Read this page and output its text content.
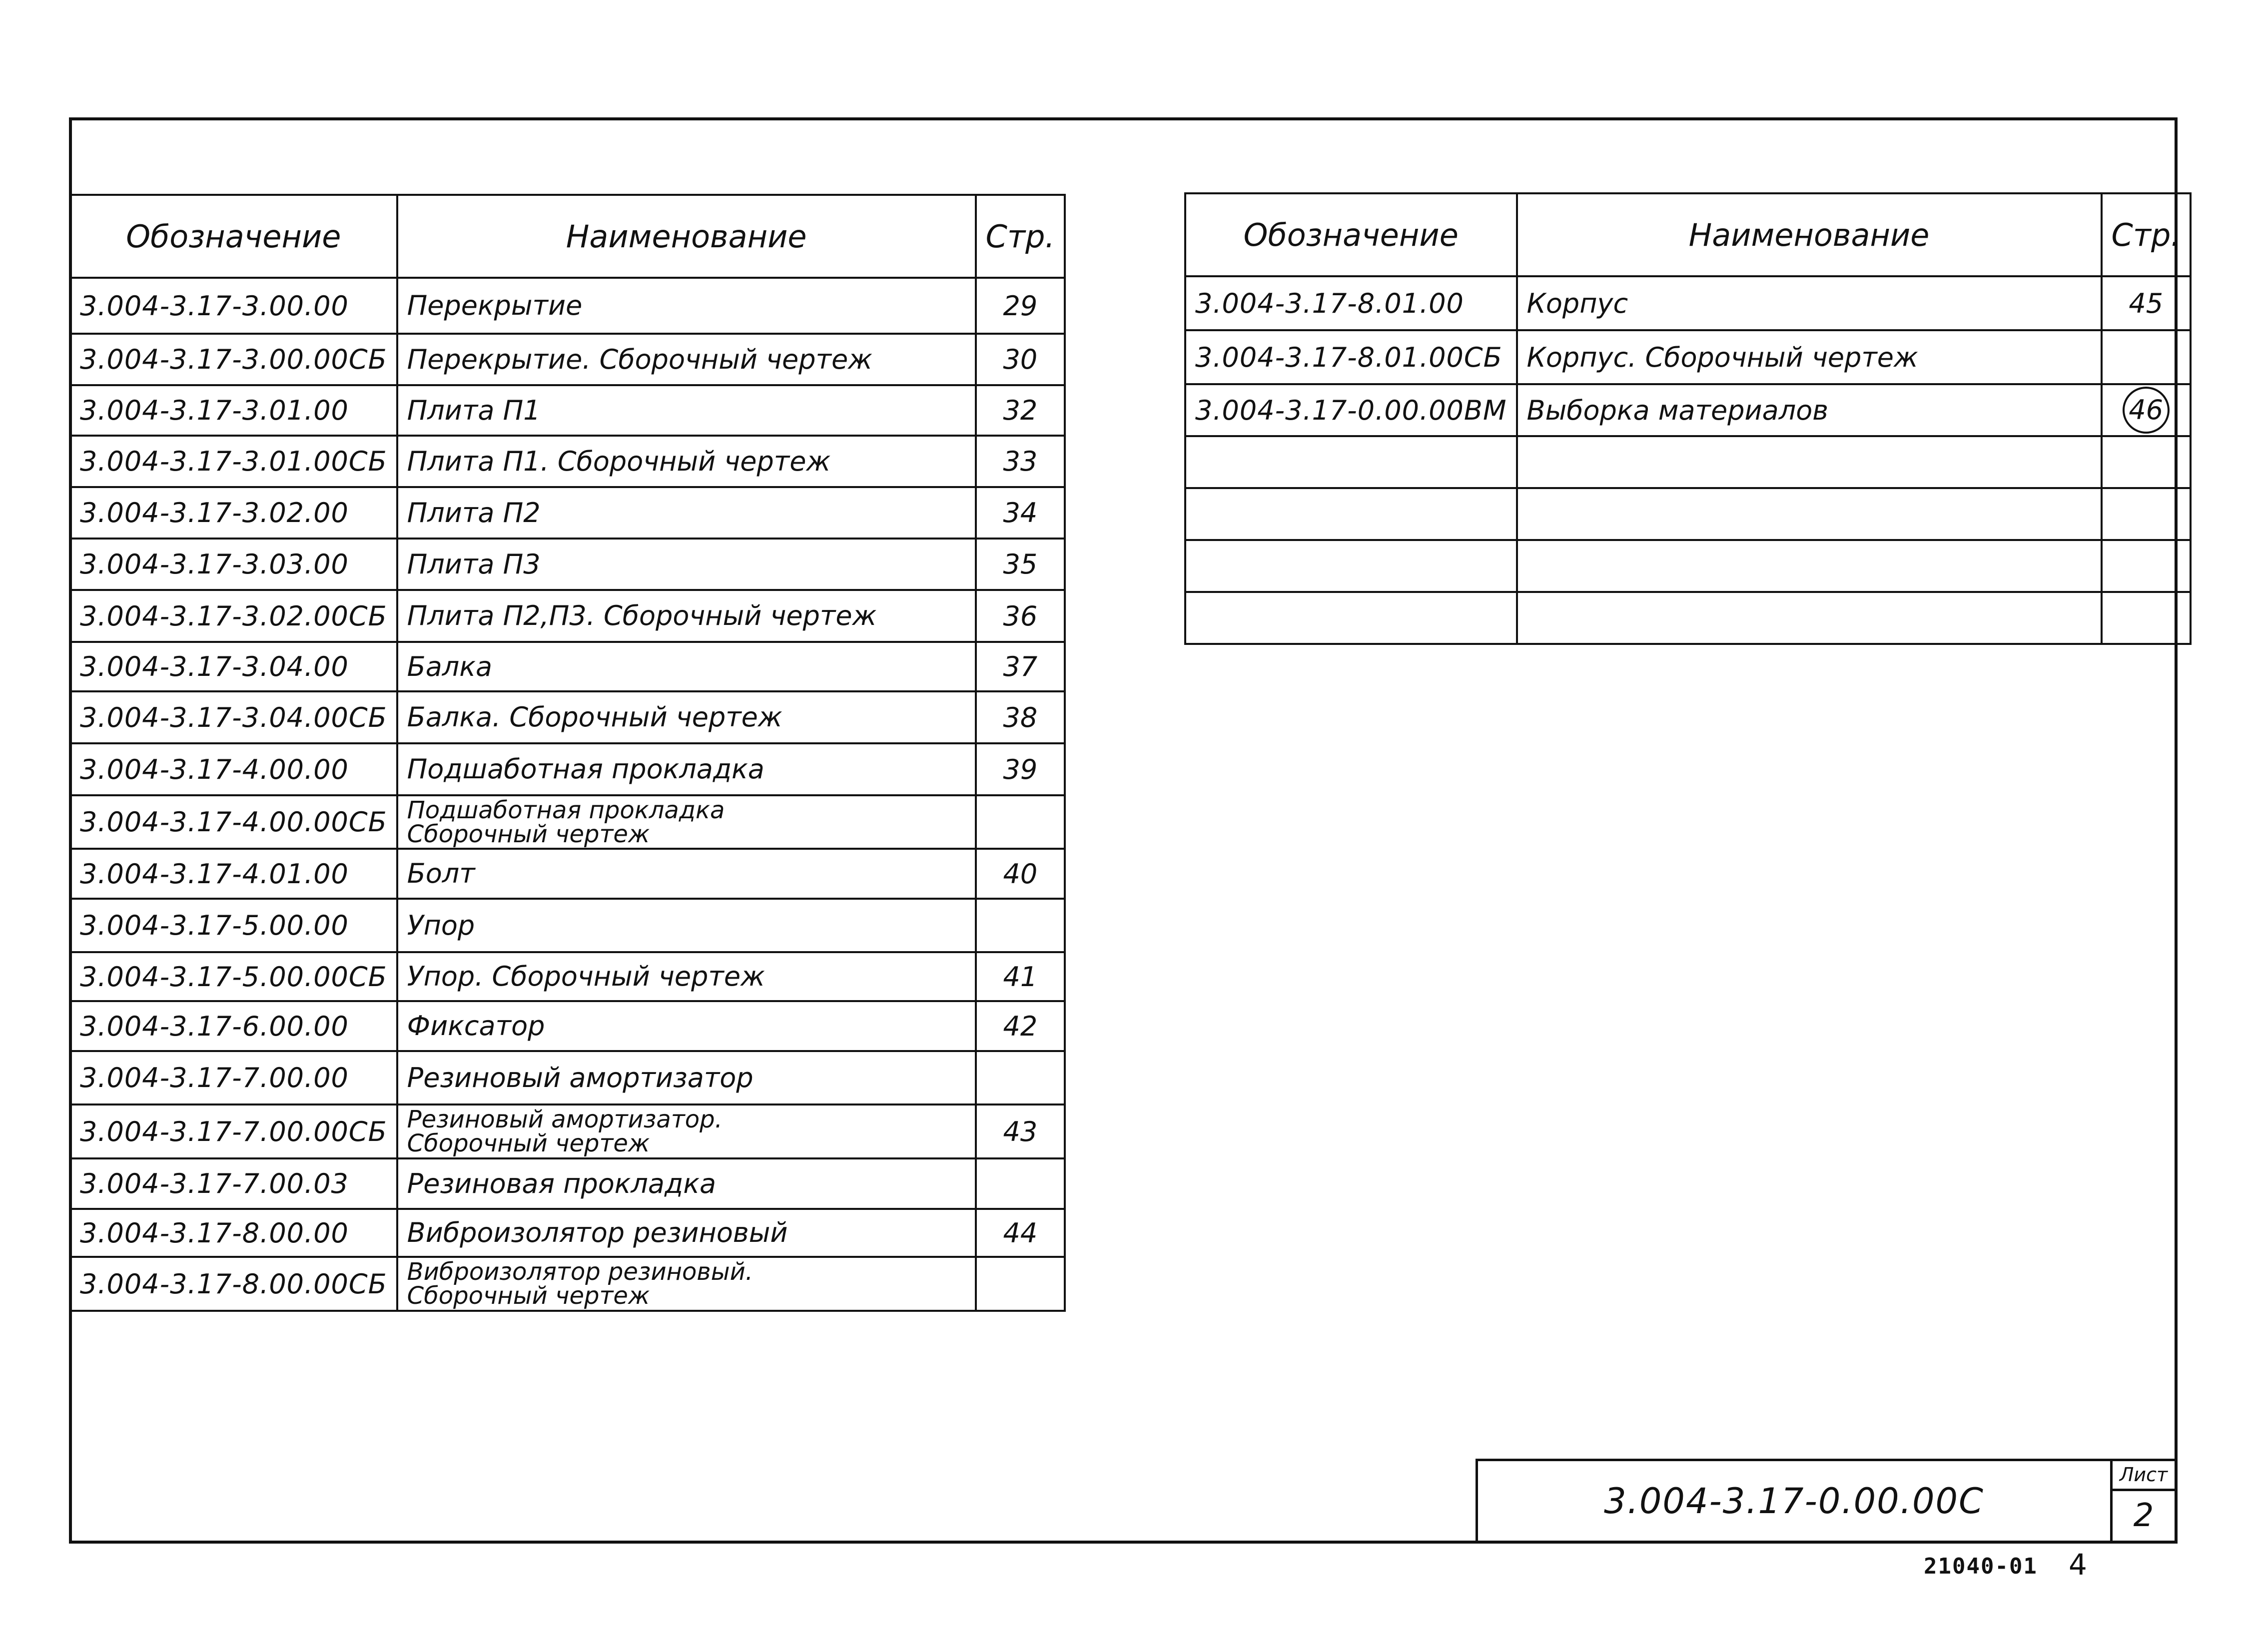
Обозначение	Наименование	Стр.
3.004-3.17-3.00.00	Перекрытие	29
3.004-3.17-3.00.00СБ	Перекрытие. Сборочный чертеж	30
3.004-3.17-3.01.00	Плита П1	32
3.004-3.17-3.01.00СБ	Плита П1. Сборочный чертеж	33
3.004-3.17-3.02.00	Плита П2	34
3.004-3.17-3.03.00	Плита П3	35
3.004-3.17-3.02.00СБ	Плита П2,П3. Сборочный чертеж	36
3.004-3.17-3.04.00	Балка	37
3.004-3.17-3.04.00СБ	Балка. Сборочный чертеж	38
3.004-3.17-4.00.00	Подшаботная прокладка	39
3.004-3.17-4.00.00СБ	Подшаботная прокладка
Сборочный чертеж	

3.004-3.17-4.01.00	Болт	40
3.004-3.17-5.00.00	Упор	

3.004-3.17-5.00.00СБ	Упор. Сборочный чертеж	41
3.004-3.17-6.00.00	Фиксатор	42
3.004-3.17-7.00.00	Резиновый амортизатор	

3.004-3.17-7.00.00СБ	Резиновый амортизатор.
Сборочный чертеж	43
3.004-3.17-7.00.03	Резиновая прокладка	

3.004-3.17-8.00.00	Виброизолятор резиновый	44
3.004-3.17-8.00.00СБ	Виброизолятор резиновый.
Сборочный чертеж	

Обозначение	Наименование	Стр.
3.004-3.17-8.01.00	Корпус	45
3.004-3.17-8.01.00СБ	Корпус. Сборочный чертеж	
3.004-3.17-0.00.00ВМ	Выборка материалов	46

3.004-3.17-0.00.00С
Лист
2
21040-01 4
